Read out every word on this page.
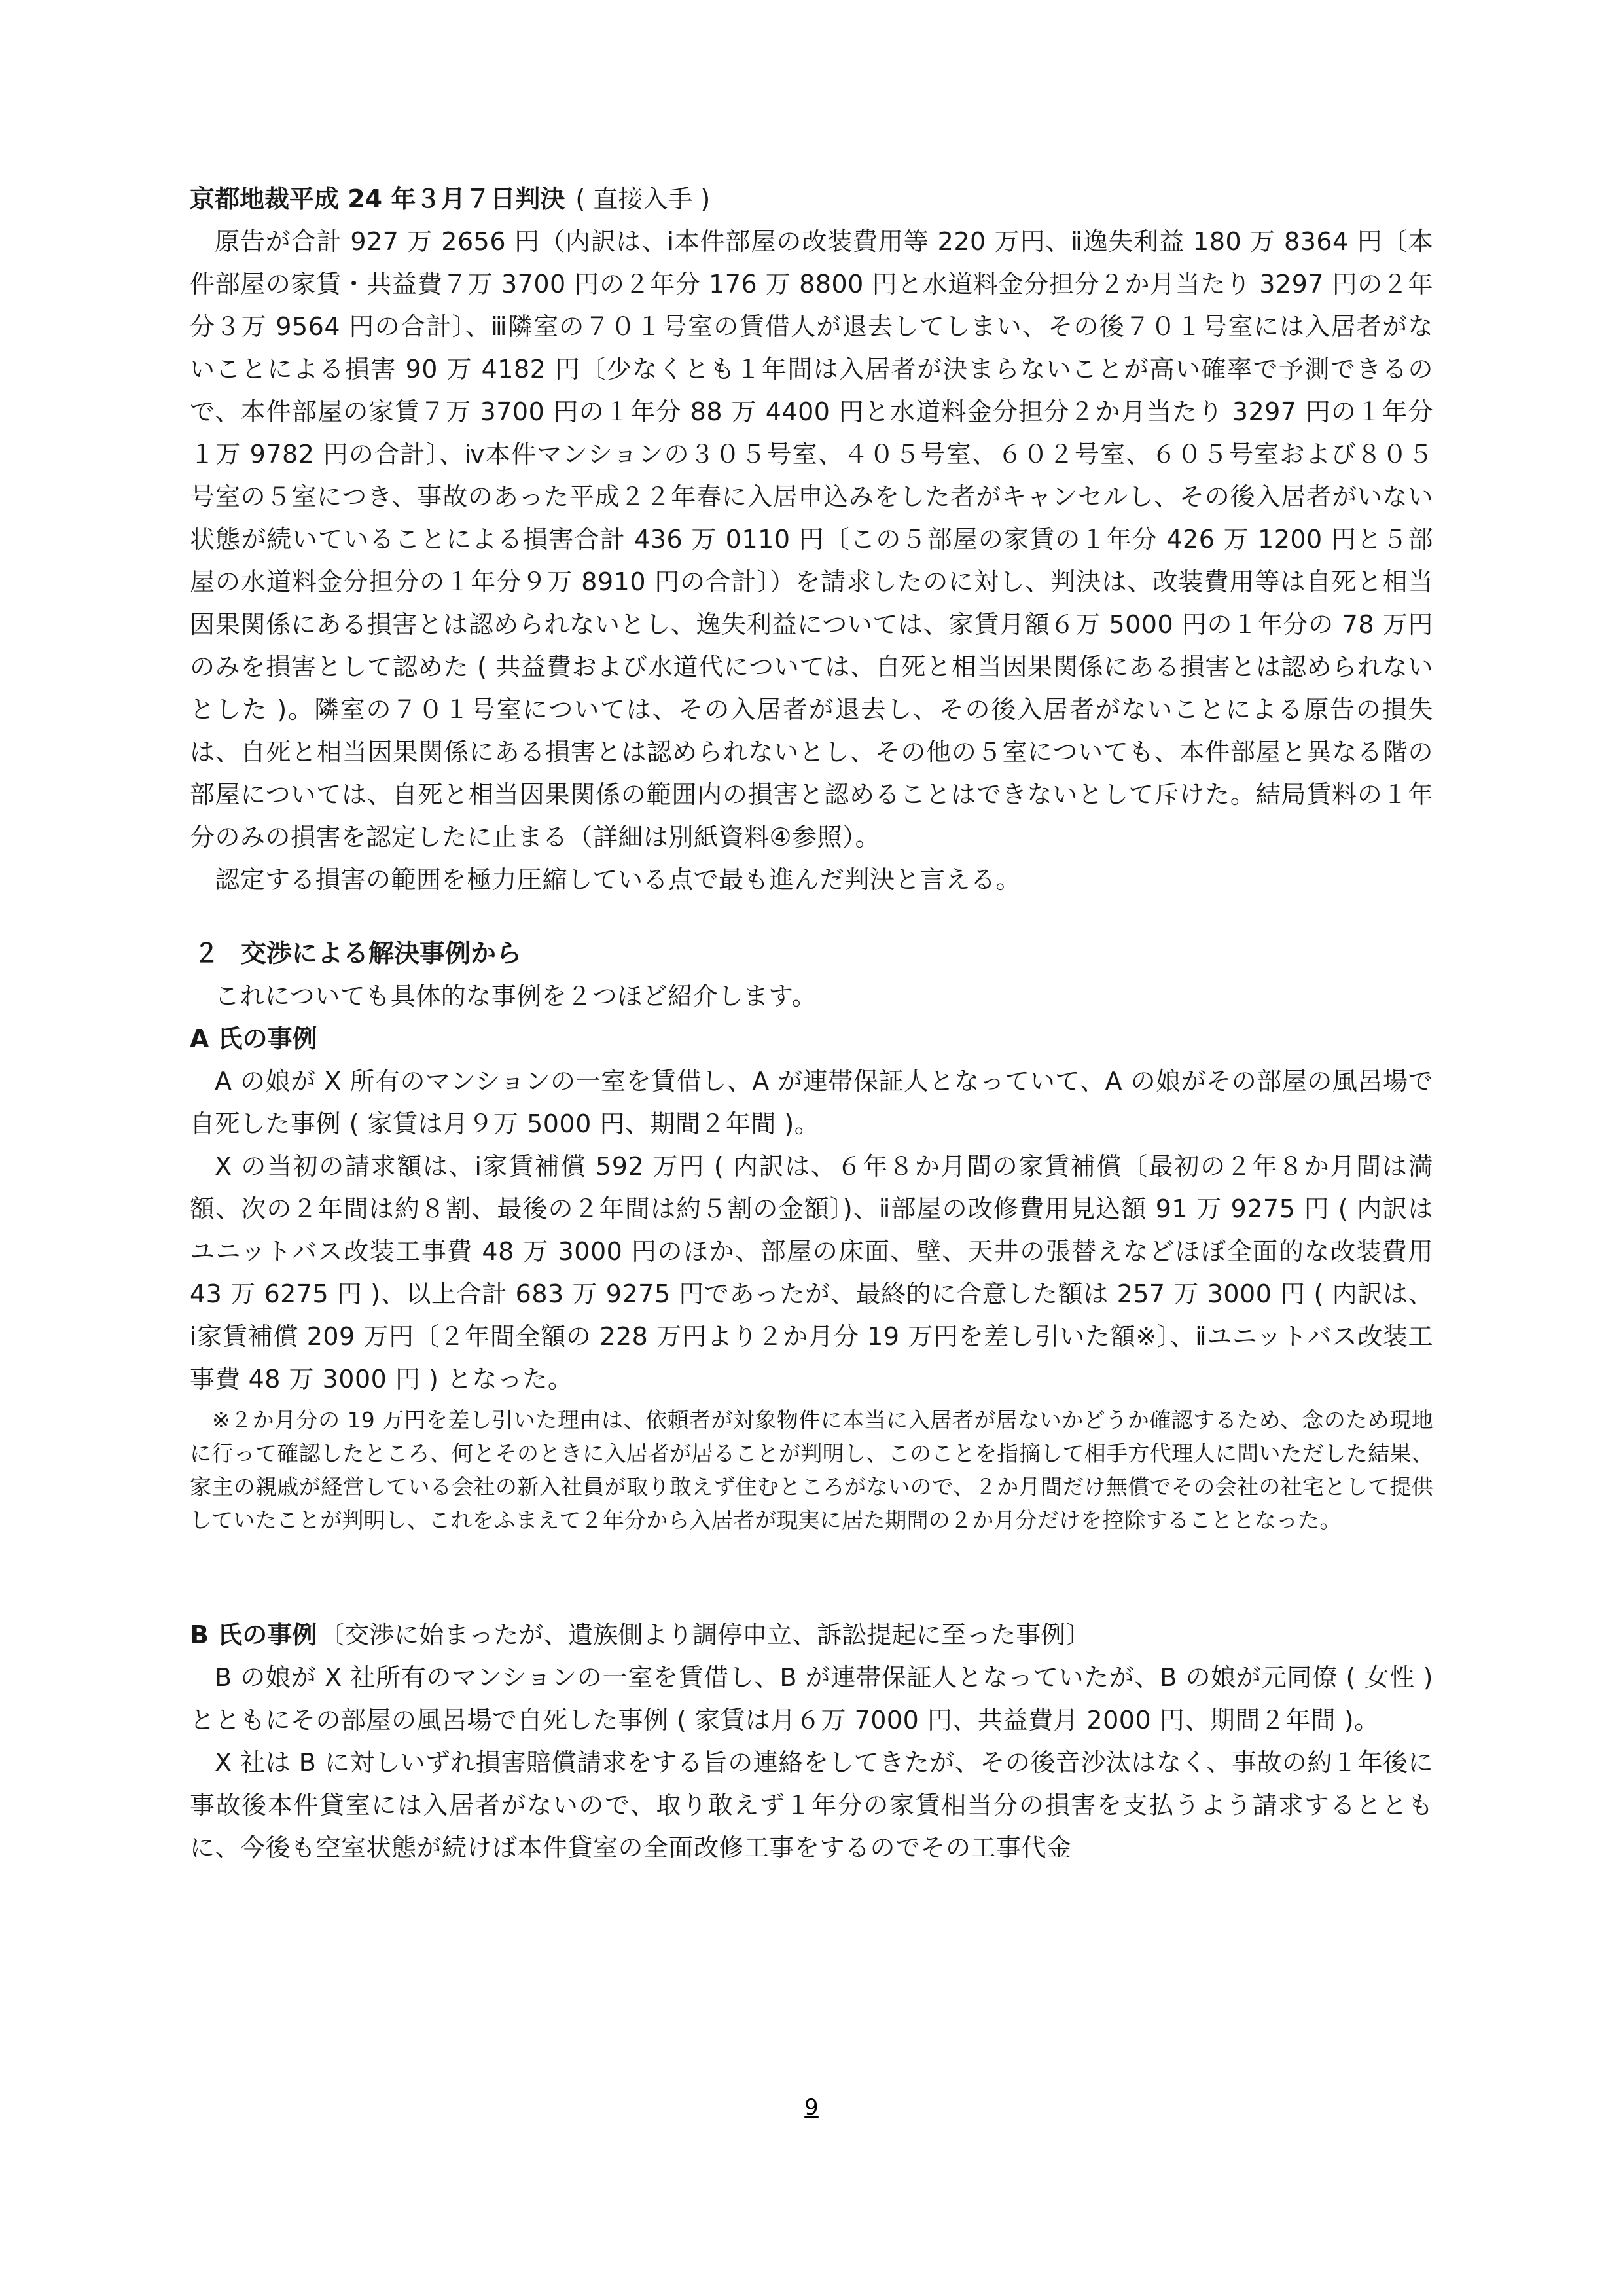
京都地裁平成 24 年３月７日判決 ( 直接入手 )

原告が合計 927 万 2656 円（内訳は、ⅰ本件部屋の改装費用等 220 万円、ⅱ逸失利益 180 万 8364 円〔本件部屋の家賃・共益費７万 3700 円の２年分 176 万 8800 円と水道料金分担分２か月当たり 3297 円の２年分３万 9564 円の合計〕、ⅲ隣室の７０１号室の賃借人が退去してしまい、その後７０１号室には入居者がないことによる損害 90 万 4182 円〔少なくとも１年間は入居者が決まらないことが高い確率で予測できるので、本件部屋の家賃７万 3700 円の１年分 88 万 4400 円と水道料金分担分２か月当たり 3297 円の１年分１万 9782 円の合計〕、ⅳ本件マンションの３０５号室、４０５号室、６０２号室、６０５号室および８０５号室の５室につき、事故のあった平成２２年春に入居申込みをした者がキャンセルし、その後入居者がいない状態が続いていることによる損害合計 436 万 0110 円〔この５部屋の家賃の１年分 426 万 1200 円と５部屋の水道料金分担分の１年分９万 8910 円の合計〕）を請求したのに対し、判決は、改装費用等は自死と相当因果関係にある損害とは認められないとし、逸失利益については、家賃月額６万 5000 円の１年分の 78 万円のみを損害として認めた ( 共益費および水道代については、自死と相当因果関係にある損害とは認められないとした )。隣室の７０１号室については、その入居者が退去し、その後入居者がないことによる原告の損失は、自死と相当因果関係にある損害とは認められないとし、その他の５室についても、本件部屋と異なる階の部屋については、自死と相当因果関係の範囲内の損害と認めることはできないとして斥けた。結局賃料の１年分のみの損害を認定したに止まる（詳細は別紙資料④参照）。

認定する損害の範囲を極力圧縮している点で最も進んだ判決と言える。

２ 交渉による解決事例から

これについても具体的な事例を２つほど紹介します。

A 氏の事例

A の娘が X 所有のマンションの一室を賃借し、A が連帯保証人となっていて、A の娘がその部屋の風呂場で自死した事例 ( 家賃は月９万 5000 円、期間２年間 )。

X の当初の請求額は、ⅰ家賃補償 592 万円 ( 内訳は、６年８か月間の家賃補償〔最初の２年８か月間は満額、次の２年間は約８割、最後の２年間は約５割の金額〕)、ⅱ部屋の改修費用見込額 91 万 9275 円 ( 内訳はユニットバス改装工事費 48 万 3000 円のほか、部屋の床面、壁、天井の張替えなどほぼ全面的な改装費用 43 万 6275 円 )、以上合計 683 万 9275 円であったが、最終的に合意した額は 257 万 3000 円 ( 内訳は、ⅰ家賃補償 209 万円〔２年間全額の 228 万円より２か月分 19 万円を差し引いた額※〕、ⅱユニットバス改装工事費 48 万 3000 円 ) となった。

※２か月分の 19 万円を差し引いた理由は、依頼者が対象物件に本当に入居者が居ないかどうか確認するため、念のため現地に行って確認したところ、何とそのときに入居者が居ることが判明し、このことを指摘して相手方代理人に問いただした結果、家主の親戚が経営している会社の新入社員が取り敢えず住むところがないので、２か月間だけ無償でその会社の社宅として提供していたことが判明し、これをふまえて２年分から入居者が現実に居た期間の２か月分だけを控除することとなった。

B 氏の事例 〔交渉に始まったが、遺族側より調停申立、訴訟提起に至った事例〕

B の娘が X 社所有のマンションの一室を賃借し、B が連帯保証人となっていたが、B の娘が元同僚 ( 女性 ) とともにその部屋の風呂場で自死した事例 ( 家賃は月６万 7000 円、共益費月 2000 円、期間２年間 )。

X 社は B に対しいずれ損害賠償請求をする旨の連絡をしてきたが、その後音沙汰はなく、事故の約１年後に事故後本件貸室には入居者がないので、取り敢えず１年分の家賃相当分の損害を支払うよう請求するとともに、今後も空室状態が続けば本件貸室の全面改修工事をするのでその工事代金

9
